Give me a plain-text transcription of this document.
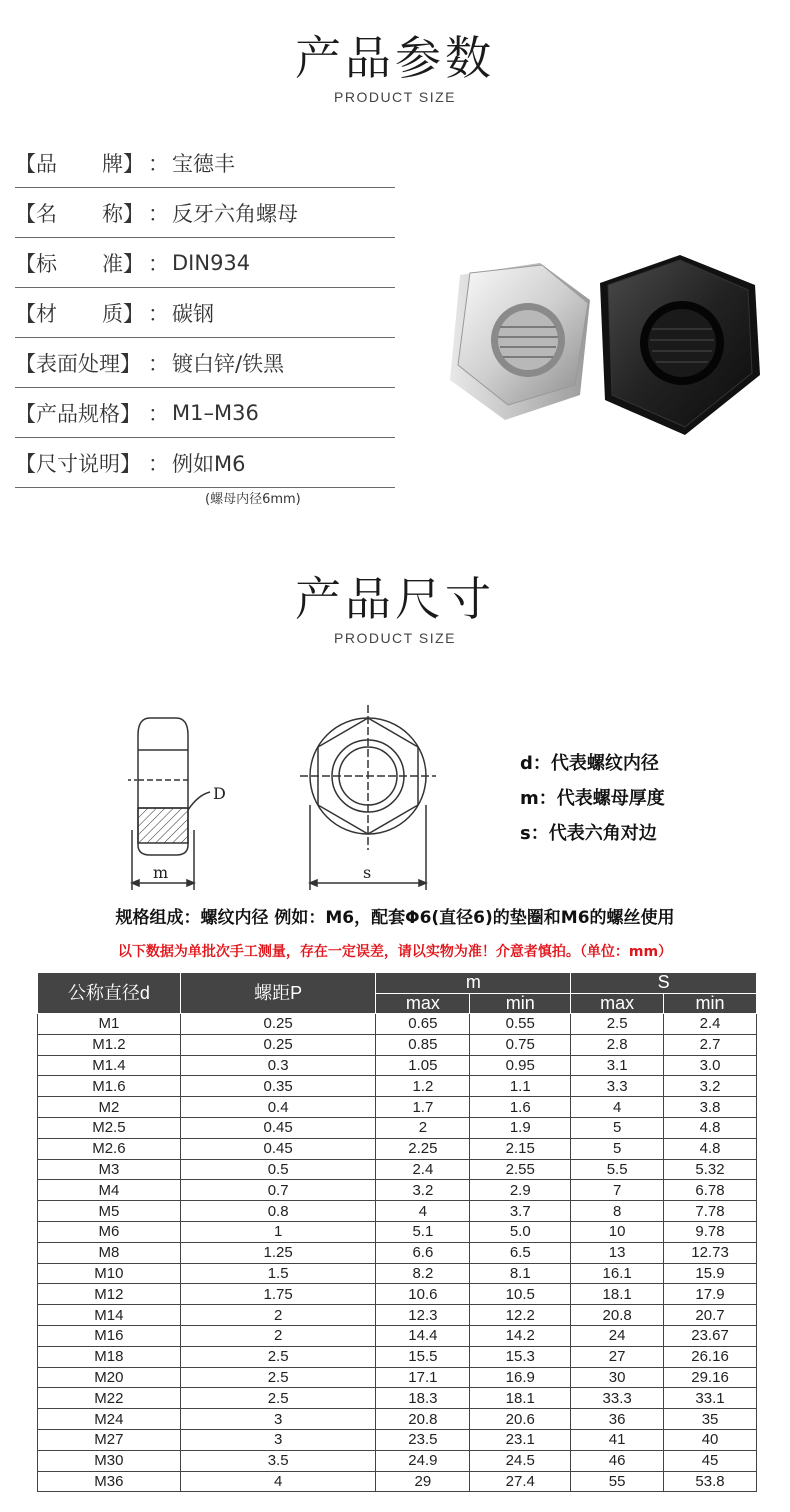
产品参数
PRODUCT SIZE
【品 牌】 ： 宝德丰
【名 称】 ： 反牙六角螺母
【标 准】 ： DIN934
【材 质】 ： 碳钢
【表面处理】 ： 镀白锌/铁黑
【产品规格】 ： M1–M36
【尺寸说明】 ： 例如M6
(螺母内径6mm)
产品尺寸
PRODUCT SIZE
D
m	s
d：代表螺纹内径
m：代表螺母厚度
s：代表六角对边
规格组成：螺纹内径 例如：M6，配套Φ6(直径6)的垫圈和M6的螺丝使用
以下数据为单批次手工测量，存在一定误差，请以实物为准！介意者慎拍。（单位：mm）
公称直径d	螺距P	m		S	
		max	min	max	min
M1	0.25	0.65	0.55	2.5	2.4
M1.2	0.25	0.85	0.75	2.8	2.7
M1.4	0.3	1.05	0.95	3.1	3.0
M1.6	0.35	1.2	1.1	3.3	3.2
M2	0.4	1.7	1.6	4	3.8
M2.5	0.45	2	1.9	5	4.8
M2.6	0.45	2.25	2.15	5	4.8
M3	0.5	2.4	2.55	5.5	5.32
M4	0.7	3.2	2.9	7	6.78
M5	0.8	4	3.7	8	7.78
M6	1	5.1	5.0	10	9.78
M8	1.25	6.6	6.5	13	12.73
M10	1.5	8.2	8.1	16.1	15.9
M12	1.75	10.6	10.5	18.1	17.9
M14	2	12.3	12.2	20.8	20.7
M16	2	14.4	14.2	24	23.67
M18	2.5	15.5	15.3	27	26.16
M20	2.5	17.1	16.9	30	29.16
M22	2.5	18.3	18.1	33.3	33.1
M24	3	20.8	20.6	36	35
M27	3	23.5	23.1	41	40
M30	3.5	24.9	24.5	46	45
M36	4	29	27.4	55	53.8
